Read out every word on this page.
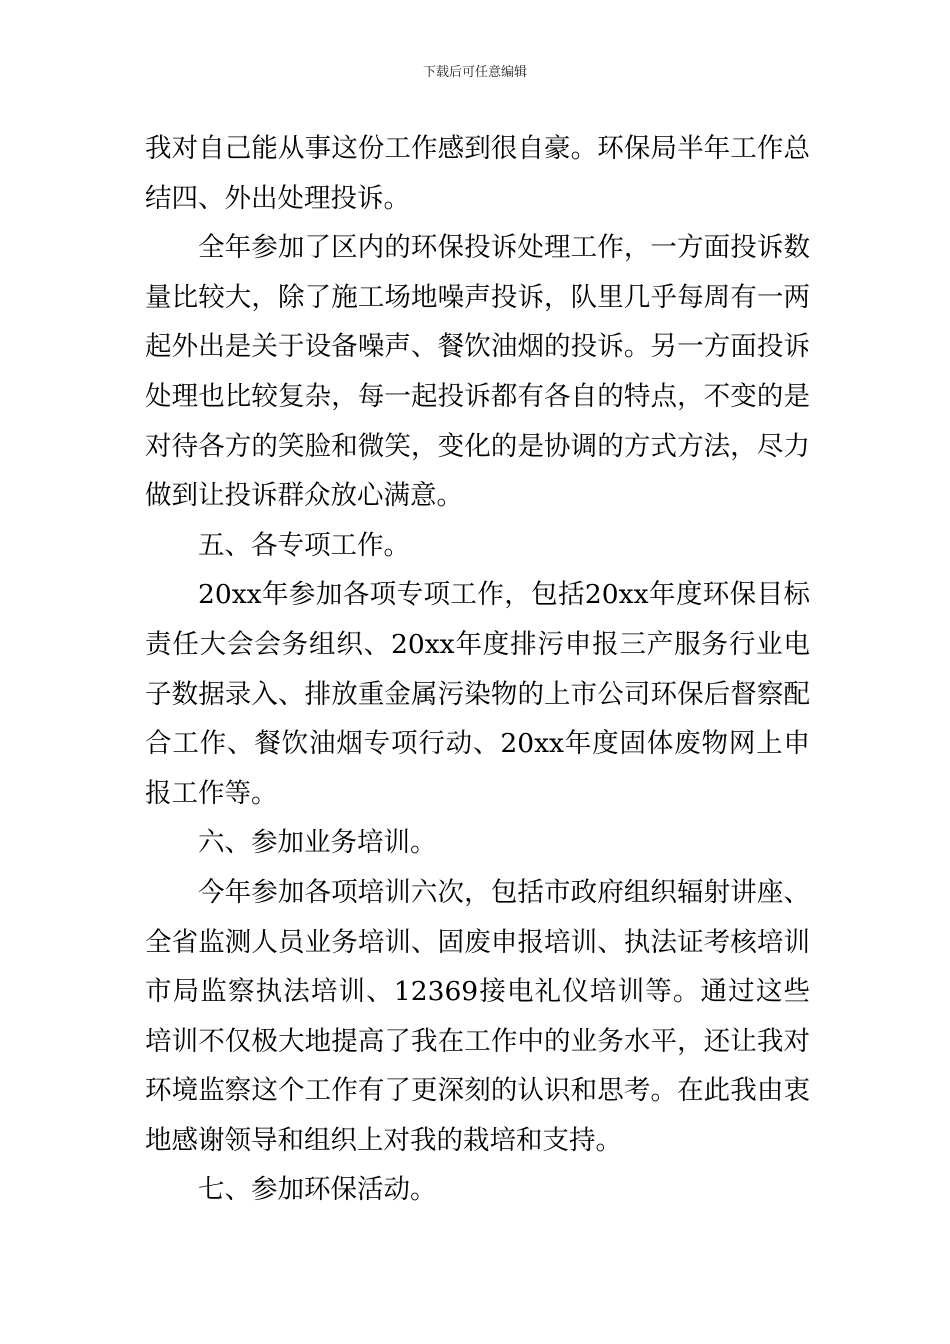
下载后可任意编辑

我对自己能从事这份工作感到很自豪。环保局半年工作总结四、外出处理投诉。

全年参加了区内的环保投诉处理工作，一方面投诉数量比较大，除了施工场地噪声投诉，队里几乎每周有一两起外出是关于设备噪声、餐饮油烟的投诉。另一方面投诉处理也比较复杂，每一起投诉都有各自的特点，不变的是对待各方的笑脸和微笑，变化的是协调的方式方法，尽力做到让投诉群众放心满意。

五、各专项工作。

20xx年参加各项专项工作，包括20xx年度环保目标责任大会会务组织、20xx年度排污申报三产服务行业电子数据录入、排放重金属污染物的上市公司环保后督察配合工作、餐饮油烟专项行动、20xx年度固体废物网上申报工作等。

六、参加业务培训。

今年参加各项培训六次，包括市政府组织辐射讲座、全省监测人员业务培训、固废申报培训、执法证考核培训市局监察执法培训、12369接电礼仪培训等。通过这些培训不仅极大地提高了我在工作中的业务水平，还让我对环境监察这个工作有了更深刻的认识和思考。在此我由衷地感谢领导和组织上对我的栽培和支持。

七、参加环保活动。
